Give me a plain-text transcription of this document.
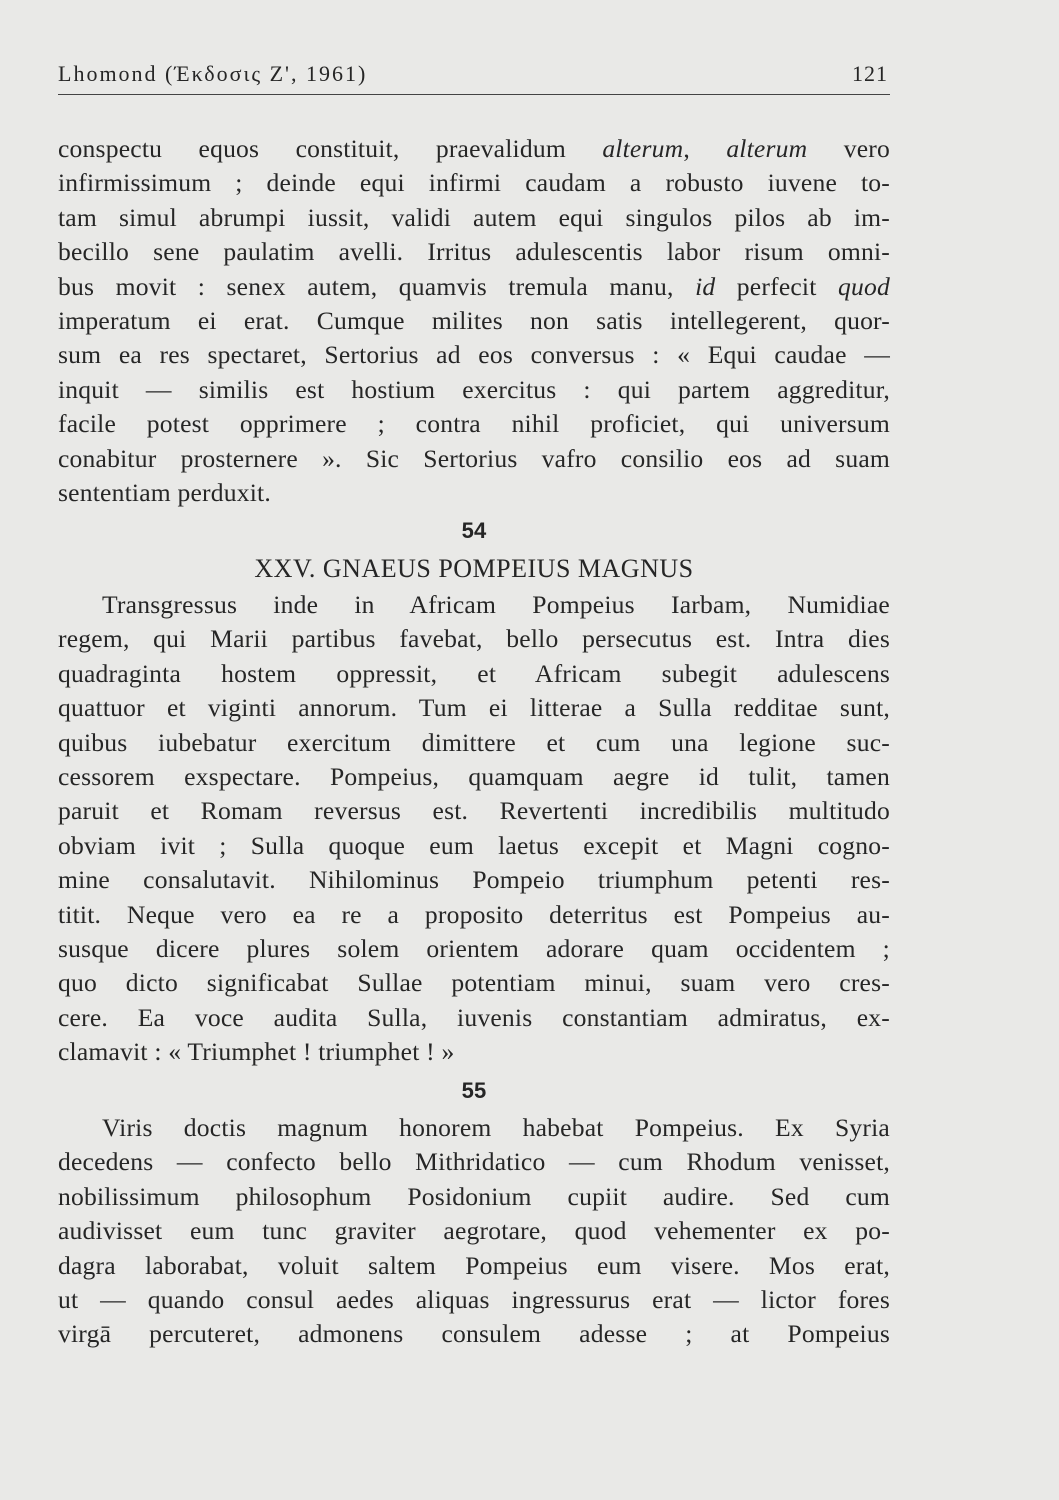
Lhomond (Έκδοσις Ζ', 1961)	121

conspectu equos constituit, praevalidum alterum, alterum vero
infirmissimum ; deinde equi infirmi caudam a robusto iuvene to-
tam simul abrumpi iussit, validi autem equi singulos pilos ab im-
becillo sene paulatim avelli. Irritus adulescentis labor risum omni-
bus movit : senex autem, quamvis tremula manu, id perfecit quod
imperatum ei erat. Cumque milites non satis intellegerent, quor-
sum ea res spectaret, Sertorius ad eos conversus : « Equi caudae —
inquit — similis est hostium exercitus : qui partem aggreditur,
facile potest opprimere ; contra nihil proficiet, qui universum
conabitur prosternere ». Sic Sertorius vafro consilio eos ad suam
sententiam perduxit.

54
XXV. GNAEUS POMPEIUS MAGNUS

Transgressus inde in Africam Pompeius Iarbam, Numidiae
regem, qui Marii partibus favebat, bello persecutus est. Intra dies
quadraginta hostem oppressit, et Africam subegit adulescens
quattuor et viginti annorum. Tum ei litterae a Sulla redditae sunt,
quibus iubebatur exercitum dimittere et cum una legione suc-
cessorem exspectare. Pompeius, quamquam aegre id tulit, tamen
paruit et Romam reversus est. Revertenti incredibilis multitudo
obviam ivit ; Sulla quoque eum laetus excepit et Magni cogno-
mine consalutavit. Nihilominus Pompeio triumphum petenti res-
titit. Neque vero ea re a proposito deterritus est Pompeius au-
susque dicere plures solem orientem adorare quam occidentem ;
quo dicto significabat Sullae potentiam minui, suam vero cres-
cere. Ea voce audita Sulla, iuvenis constantiam admiratus, ex-
clamavit : « Triumphet ! triumphet ! »

55

Viris doctis magnum honorem habebat Pompeius. Ex Syria
decedens — confecto bello Mithridatico — cum Rhodum venisset,
nobilissimum philosophum Posidonium cupiit audire. Sed cum
audivisset eum tunc graviter aegrotare, quod vehementer ex po-
dagra laborabat, voluit saltem Pompeius eum visere. Mos erat,
ut — quando consul aedes aliquas ingressurus erat — lictor fores
virgā percuteret, admonens consulem adesse ; at Pompeius
